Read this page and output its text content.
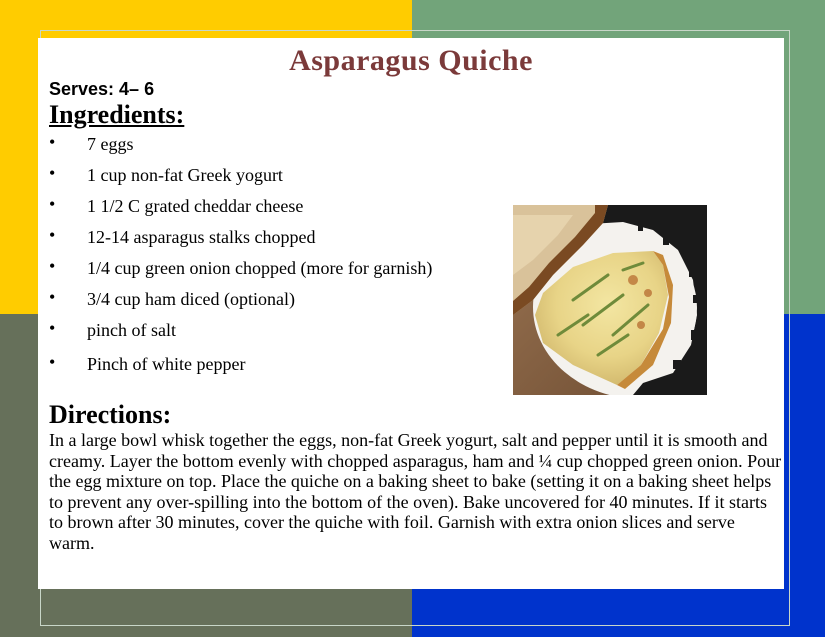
Asparagus Quiche
Serves: 4– 6
Ingredients:
• 7 eggs
• 1 cup non-fat Greek yogurt
• 1 1/2 C grated cheddar cheese
• 12-14 asparagus stalks chopped
• 1/4 cup green onion chopped (more for garnish)
• 3/4 cup ham diced (optional)
• pinch of salt
• Pinch of white pepper
Directions:

In a large bowl whisk together the eggs, non-fat Greek yogurt, salt and pepper until it is smooth and creamy. Layer the bottom evenly with chopped asparagus, ham and ¼ cup chopped green onion. Pour the egg mixture on top. Place the quiche on a baking sheet to bake (setting it on a baking sheet helps to prevent any over-spilling into the bottom of the oven). Bake uncovered for 40 minutes. If it starts to brown after 30 minutes, cover the quiche with foil. Garnish with extra onion slices and serve warm.
